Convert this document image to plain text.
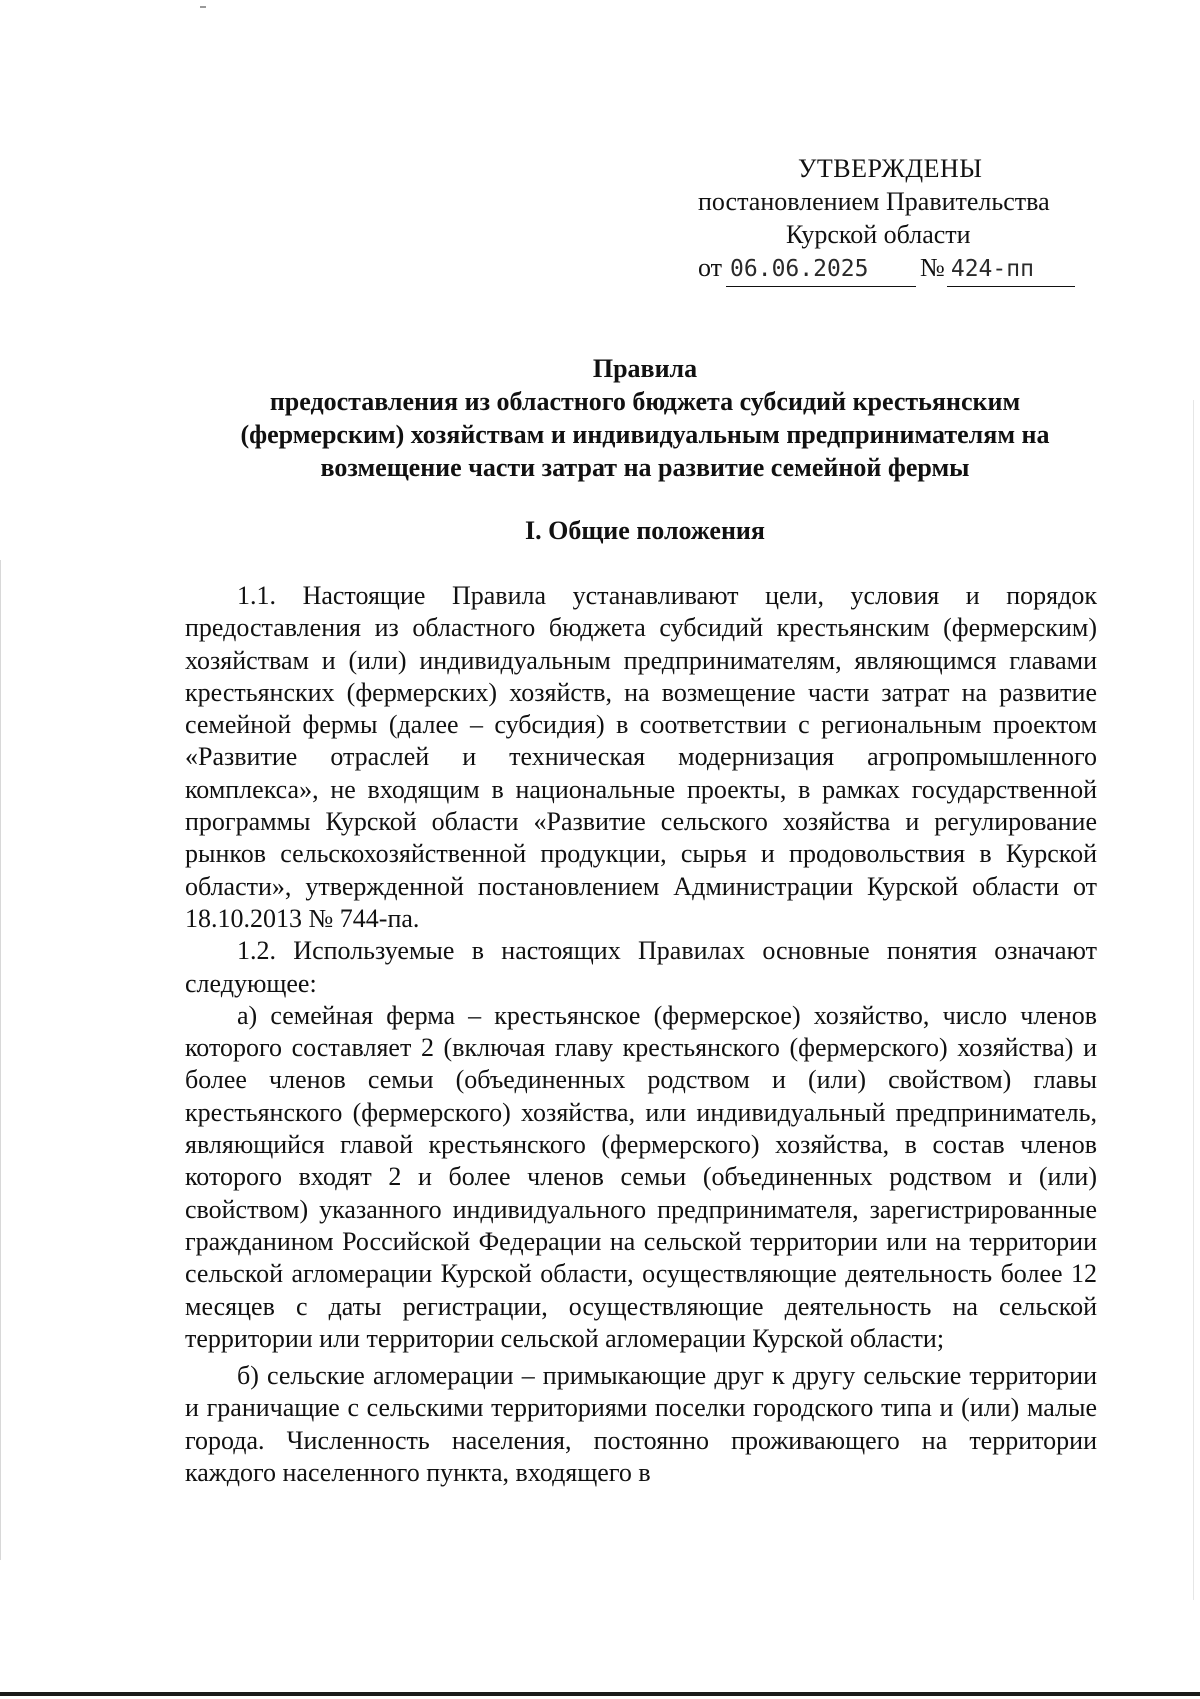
УТВЕРЖДЕНЫ
постановлением Правительства
Курской области
от 06.06.2025 № 424-пп
Правила
предоставления из областного бюджета субсидий крестьянским (фермерским) хозяйствам и индивидуальным предпринимателям на возмещение части затрат на развитие семейной фермы
I. Общие положения

1.1. Настоящие Правила устанавливают цели, условия и порядок предоставления из областного бюджета субсидий крестьянским (фермерским) хозяйствам и (или) индивидуальным предпринимателям, являющимся главами крестьянских (фермерских) хозяйств, на возмещение части затрат на развитие семейной фермы (далее – субсидия) в соответствии с региональным проектом «Развитие отраслей и техническая модернизация агропромышленного комплекса», не входящим в национальные проекты, в рамках государственной программы Курской области «Развитие сельского хозяйства и регулирование рынков сельскохозяйственной продукции, сырья и продовольствия в Курской области», утвержденной постановлением Администрации Курской области от 18.10.2013 № 744-па.

1.2. Используемые в настоящих Правилах основные понятия означают следующее:

а) семейная ферма – крестьянское (фермерское) хозяйство, число членов которого составляет 2 (включая главу крестьянского (фермерского) хозяйства) и более членов семьи (объединенных родством и (или) свойством) главы крестьянского (фермерского) хозяйства, или индивидуальный предприниматель, являющийся главой крестьянского (фермерского) хозяйства, в состав членов которого входят 2 и более членов семьи (объединенных родством и (или) свойством) указанного индивидуального предпринимателя, зарегистрированные гражданином Российской Федерации на сельской территории или на территории сельской агломерации Курской области, осуществляющие деятельность более 12 месяцев с даты регистрации, осуществляющие деятельность на сельской территории или территории сельской агломерации Курской области;

б) сельские агломерации – примыкающие друг к другу сельские территории и граничащие с сельскими территориями поселки городского типа и (или) малые города. Численность населения, постоянно проживающего на территории каждого населенного пункта, входящего в
